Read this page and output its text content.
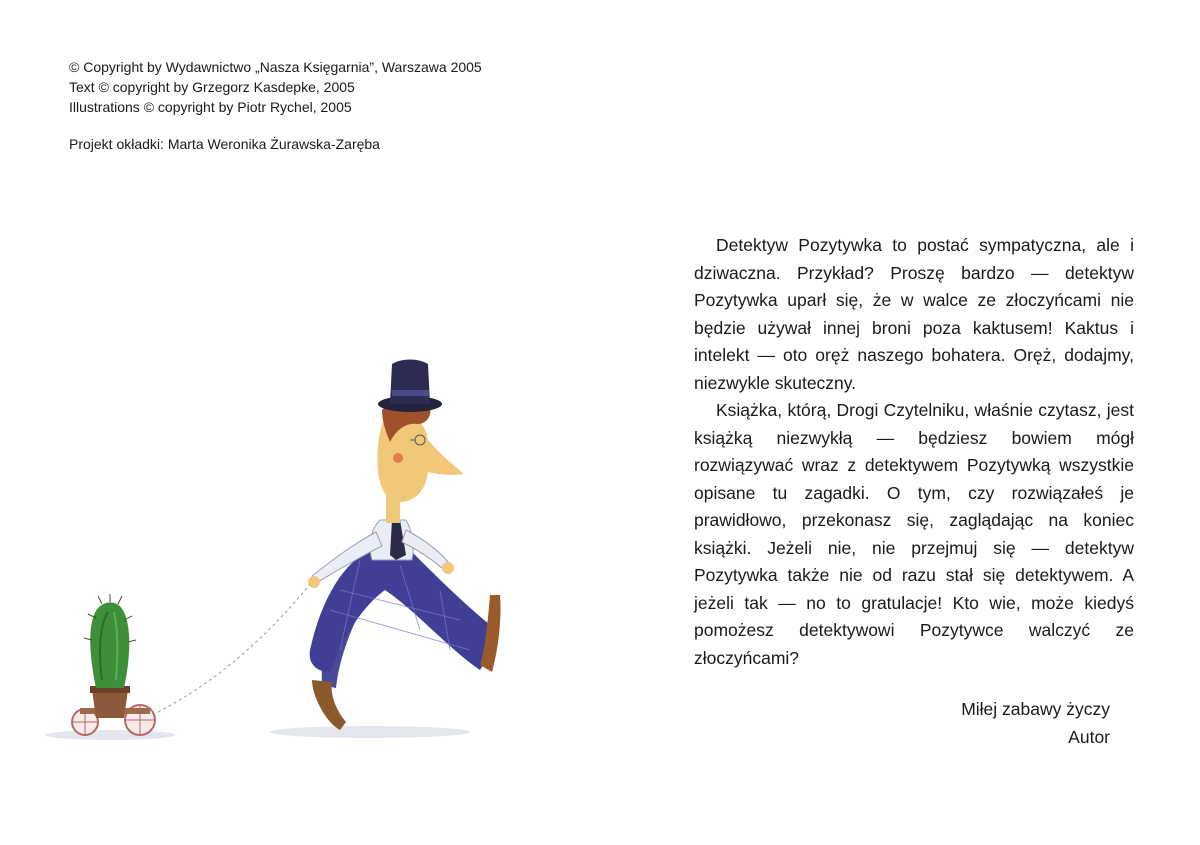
© Copyright by Wydawnictwo „Nasza Księgarnia”, Warszawa 2005
Text © copyright by Grzegorz Kasdepke, 2005
Illustrations © copyright by Piotr Rychel, 2005
Projekt okładki: Marta Weronika Żurawska-Zaręba

Detektyw Pozytywka to postać sympatyczna, ale i dziwaczna. Przykład? Proszę bardzo — detektyw Pozytywka uparł się, że w walce ze złoczyńcami nie będzie używał innej broni poza kaktusem! Kaktus i intelekt — oto oręż naszego bohatera. Oręż, dodajmy, niezwykle skuteczny.

Książka, którą, Drogi Czytelniku, właśnie czytasz, jest książką niezwykłą — będziesz bowiem mógł rozwiązywać wraz z detektywem Pozytywką wszystkie opisane tu zagadki. O tym, czy rozwiązałeś je prawidłowo, przekonasz się, zaglądając na koniec książki. Jeżeli nie, nie przejmuj się — detektyw Pozytywka także nie od razu stał się detektywem. A jeżeli tak — no to gratulacje! Kto wie, może kiedyś pomożesz detektywowi Pozytywce walczyć ze złoczyńcami?

Miłej zabawy życzy
Autor
